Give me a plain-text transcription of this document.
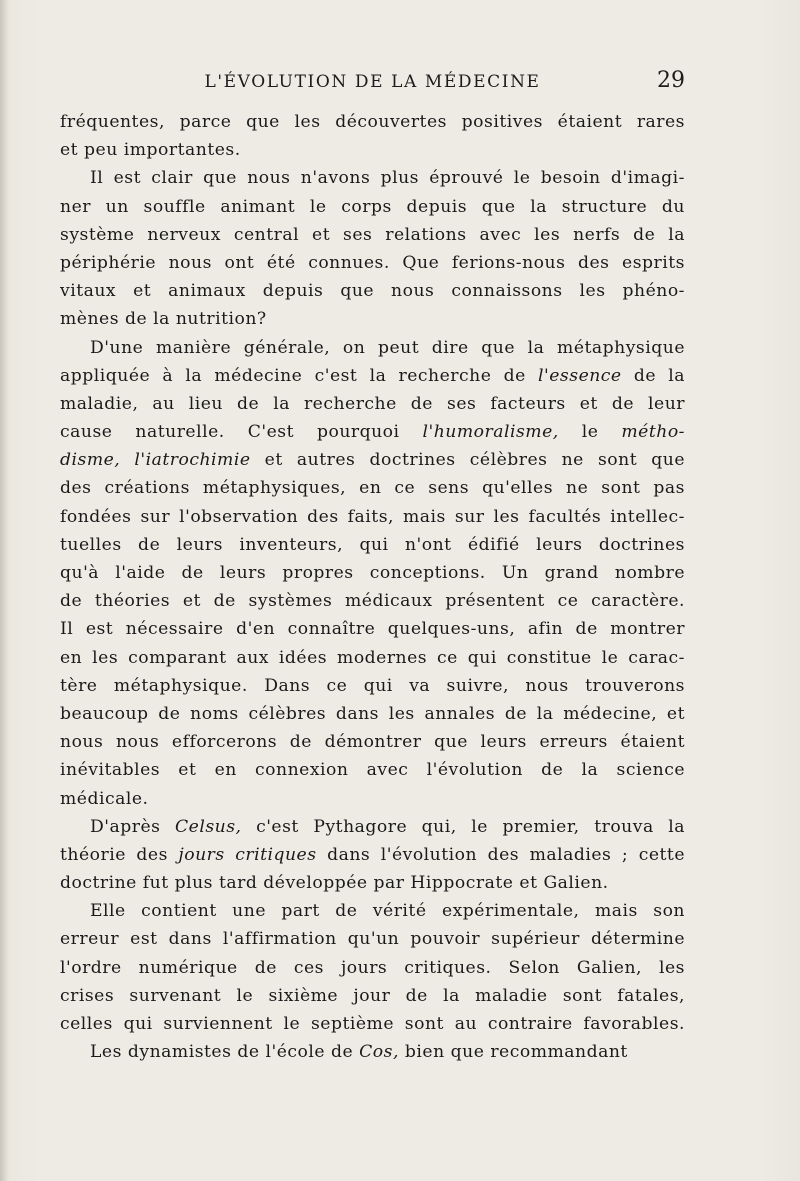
L'ÉVOLUTION DE LA MÉDECINE	29
fréquentes, parce que les découvertes positives étaient rares
et peu importantes.
Il est clair que nous n'avons plus éprouvé le besoin d'imagi-
ner un souffle animant le corps depuis que la structure du
système nerveux central et ses relations avec les nerfs de la
périphérie nous ont été connues. Que ferions-nous des esprits
vitaux et animaux depuis que nous connaissons les phéno-
mènes de la nutrition?
D'une manière générale, on peut dire que la métaphysique
appliquée à la médecine c'est la recherche de l'essence de la
maladie, au lieu de la recherche de ses facteurs et de leur
cause naturelle. C'est pourquoi l'humoralisme, le métho-
disme, l'iatrochimie et autres doctrines célèbres ne sont que
des créations métaphysiques, en ce sens qu'elles ne sont pas
fondées sur l'observation des faits, mais sur les facultés intellec-
tuelles de leurs inventeurs, qui n'ont édifié leurs doctrines
qu'à l'aide de leurs propres conceptions. Un grand nombre
de théories et de systèmes médicaux présentent ce caractère.
Il est nécessaire d'en connaître quelques-uns, afin de montrer
en les comparant aux idées modernes ce qui constitue le carac-
tère métaphysique. Dans ce qui va suivre, nous trouverons
beaucoup de noms célèbres dans les annales de la médecine, et
nous nous efforcerons de démontrer que leurs erreurs étaient
inévitables et en connexion avec l'évolution de la science
médicale.
D'après Celsus, c'est Pythagore qui, le premier, trouva la
théorie des jours critiques dans l'évolution des maladies ; cette
doctrine fut plus tard développée par Hippocrate et Galien.
Elle contient une part de vérité expérimentale, mais son
erreur est dans l'affirmation qu'un pouvoir supérieur détermine
l'ordre numérique de ces jours critiques. Selon Galien, les
crises survenant le sixième jour de la maladie sont fatales,
celles qui surviennent le septième sont au contraire favorables.
Les dynamistes de l'école de Cos, bien que recommandant
